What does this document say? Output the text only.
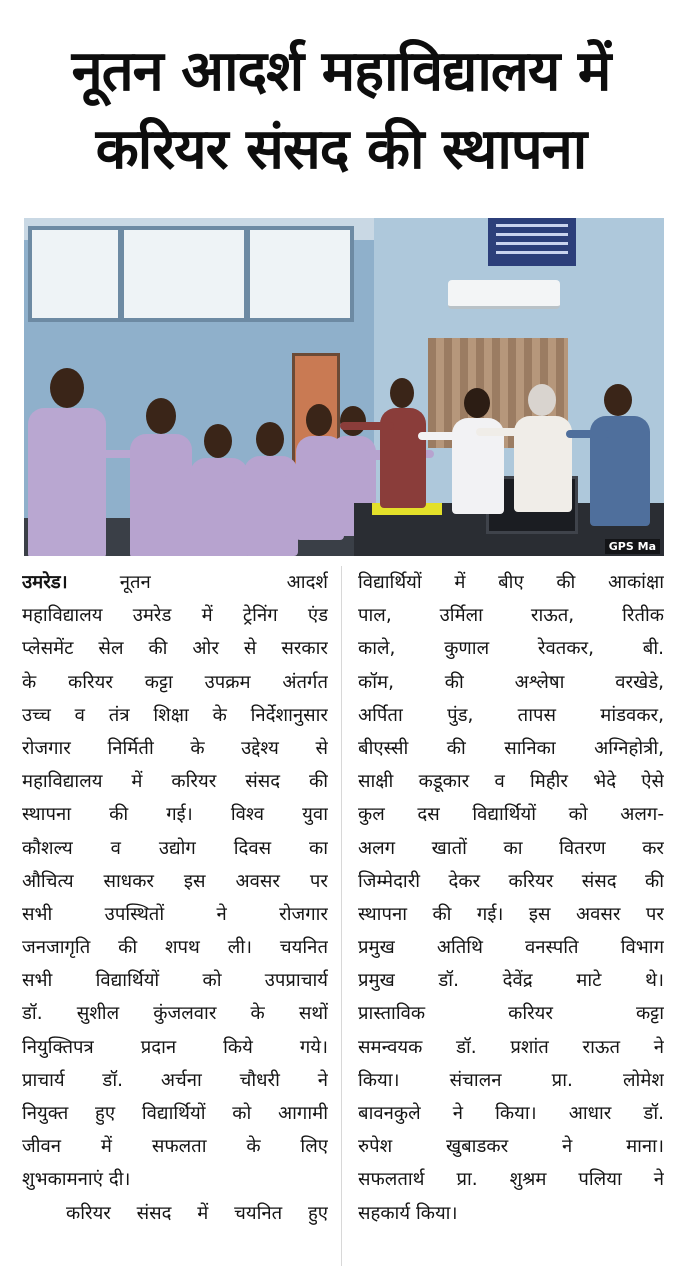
नूतन आदर्श महाविद्यालय में
करियर संसद की स्थापना
GPS Ma
उमरेड।	नूतन आदर्श
महाविद्यालय उमरेड में ट्रेनिंग एंड
प्लेसमेंट सेल की ओर से सरकार
के करियर कट्टा उपक्रम अंतर्गत
उच्च व तंत्र शिक्षा के निर्देशानुसार
रोजगार निर्मिती के उद्देश्य से
महाविद्यालय में करियर संसद की
स्थापना की गई। विश्व युवा
कौशल्य व उद्योग दिवस का
औचित्य साधकर इस अवसर पर
सभी उपस्थितों ने रोजगार
जनजागृति की शपथ ली। चयनित
सभी विद्यार्थियों को उपप्राचार्य
डॉ. सुशील कुंजलवार के सथों
नियुक्तिपत्र प्रदान किये गये।
प्राचार्य डॉ. अर्चना चौधरी ने
नियुक्त हुए विद्यार्थियों को आगामी
जीवन में सफलता के लिए
शुभकामनाएं दी।
करियर संसद में चयनित हुए
विद्यार्थियों में बीए की आकांक्षा
पाल, उर्मिला राऊत, रितीक
काले, कुणाल रेवतकर, बी.
कॉम, की अश्लेषा वरखेडे,
अर्पिता पुंड, तापस मांडवकर,
बीएस्सी की सानिका अग्निहोत्री,
साक्षी कडूकार व मिहीर भेदे ऐसे
कुल दस विद्यार्थियों को अलग-
अलग खातों का वितरण कर
जिम्मेदारी देकर करियर संसद की
स्थापना की गई। इस अवसर पर
प्रमुख अतिथि वनस्पति विभाग
प्रमुख डॉ. देवेंद्र माटे थे।
प्रास्ताविक करियर कट्टा
समन्वयक डॉ. प्रशांत राऊत ने
किया। संचालन प्रा. लोमेश
बावनकुले ने किया। आधार डॉ.
रुपेश खुबाडकर ने माना।
सफलतार्थ प्रा. शुश्रम पलिया ने
सहकार्य किया।
